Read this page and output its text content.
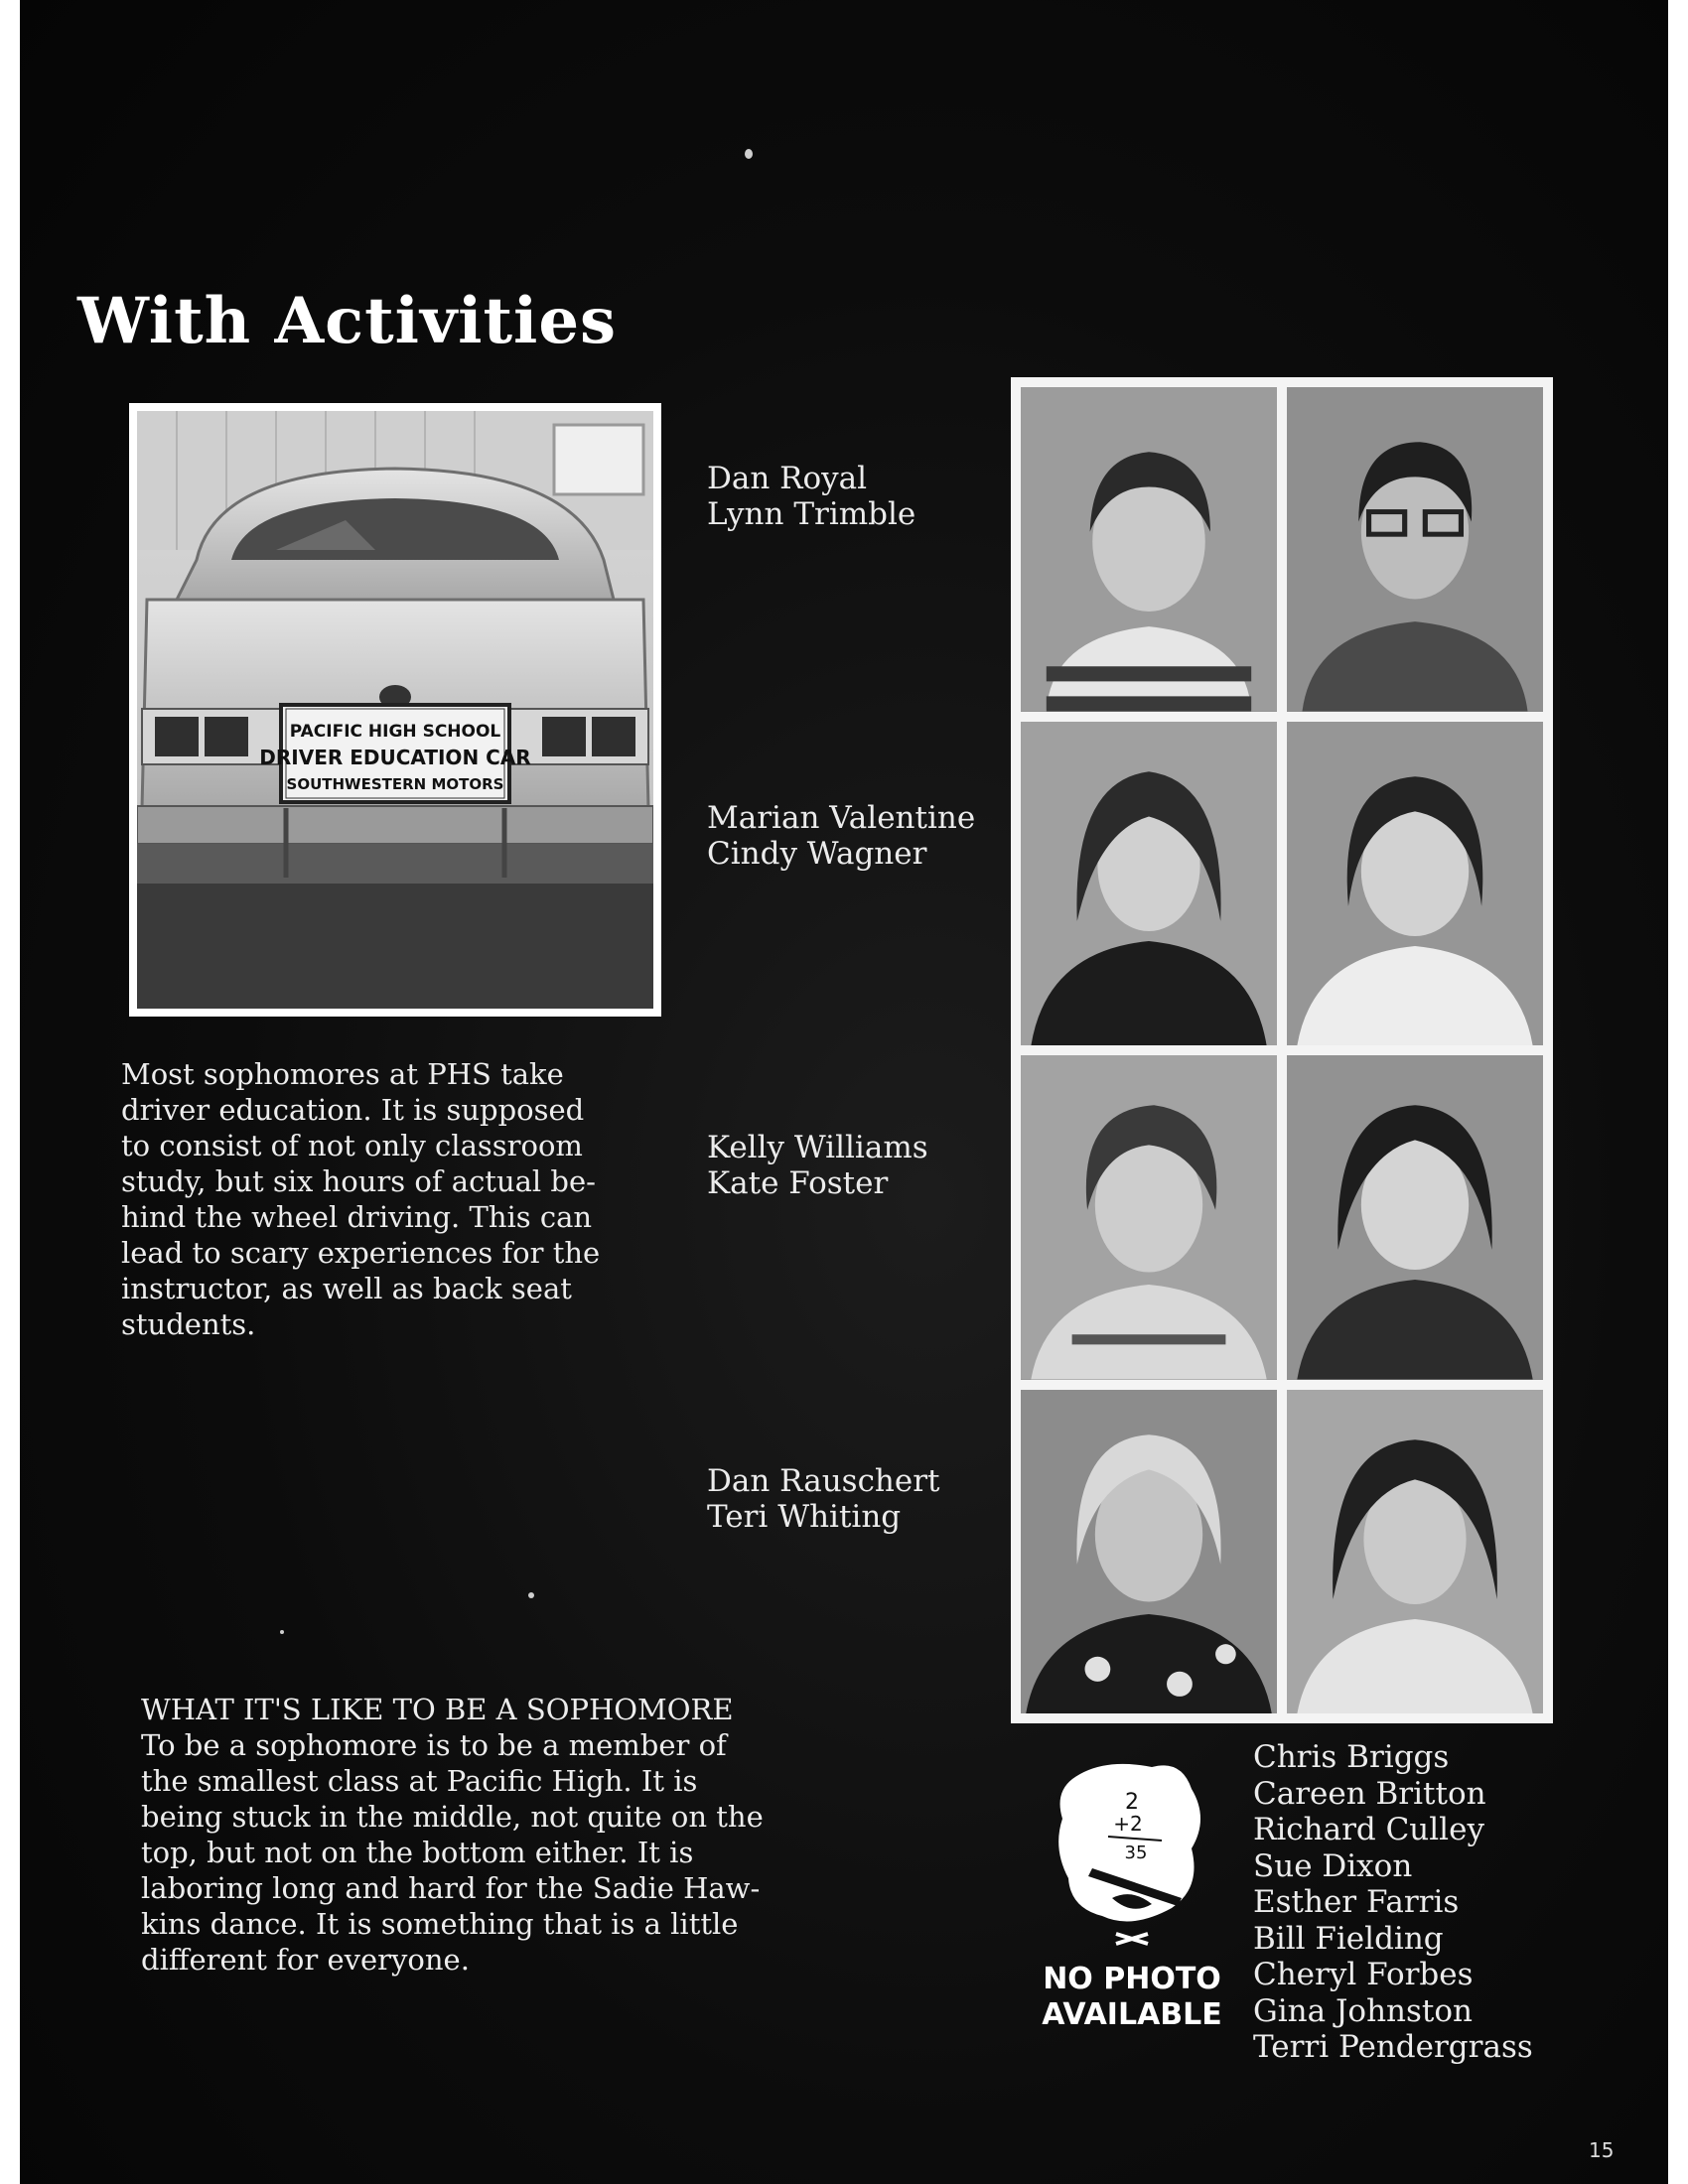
With Activities
PACIFIC HIGH SCHOOL
DRIVER EDUCATION CAR
SOUTHWESTERN MOTORS
Dan Royal
Lynn Trimble
Marian Valentine
Cindy Wagner
Kelly Williams
Kate Foster
Dan Rauschert
Teri Whiting
Most sophomores at PHS take
driver education. It is supposed
to consist of not only classroom
study, but six hours of actual be-
hind the wheel driving. This can
lead to scary experiences for the
instructor, as well as back seat
students.
WHAT IT'S LIKE TO BE A SOPHOMORE
To be a sophomore is to be a member of
the smallest class at Pacific High. It is
being stuck in the middle, not quite on the
top, but not on the bottom either. It is
laboring long and hard for the Sadie Haw-
kins dance. It is something that is a little
different for everyone.
2
+2
35
NO PHOTO
AVAILABLE
Chris Briggs
Careen Britton
Richard Culley
Sue Dixon
Esther Farris
Bill Fielding
Cheryl Forbes
Gina Johnston
Terri Pendergrass
15
